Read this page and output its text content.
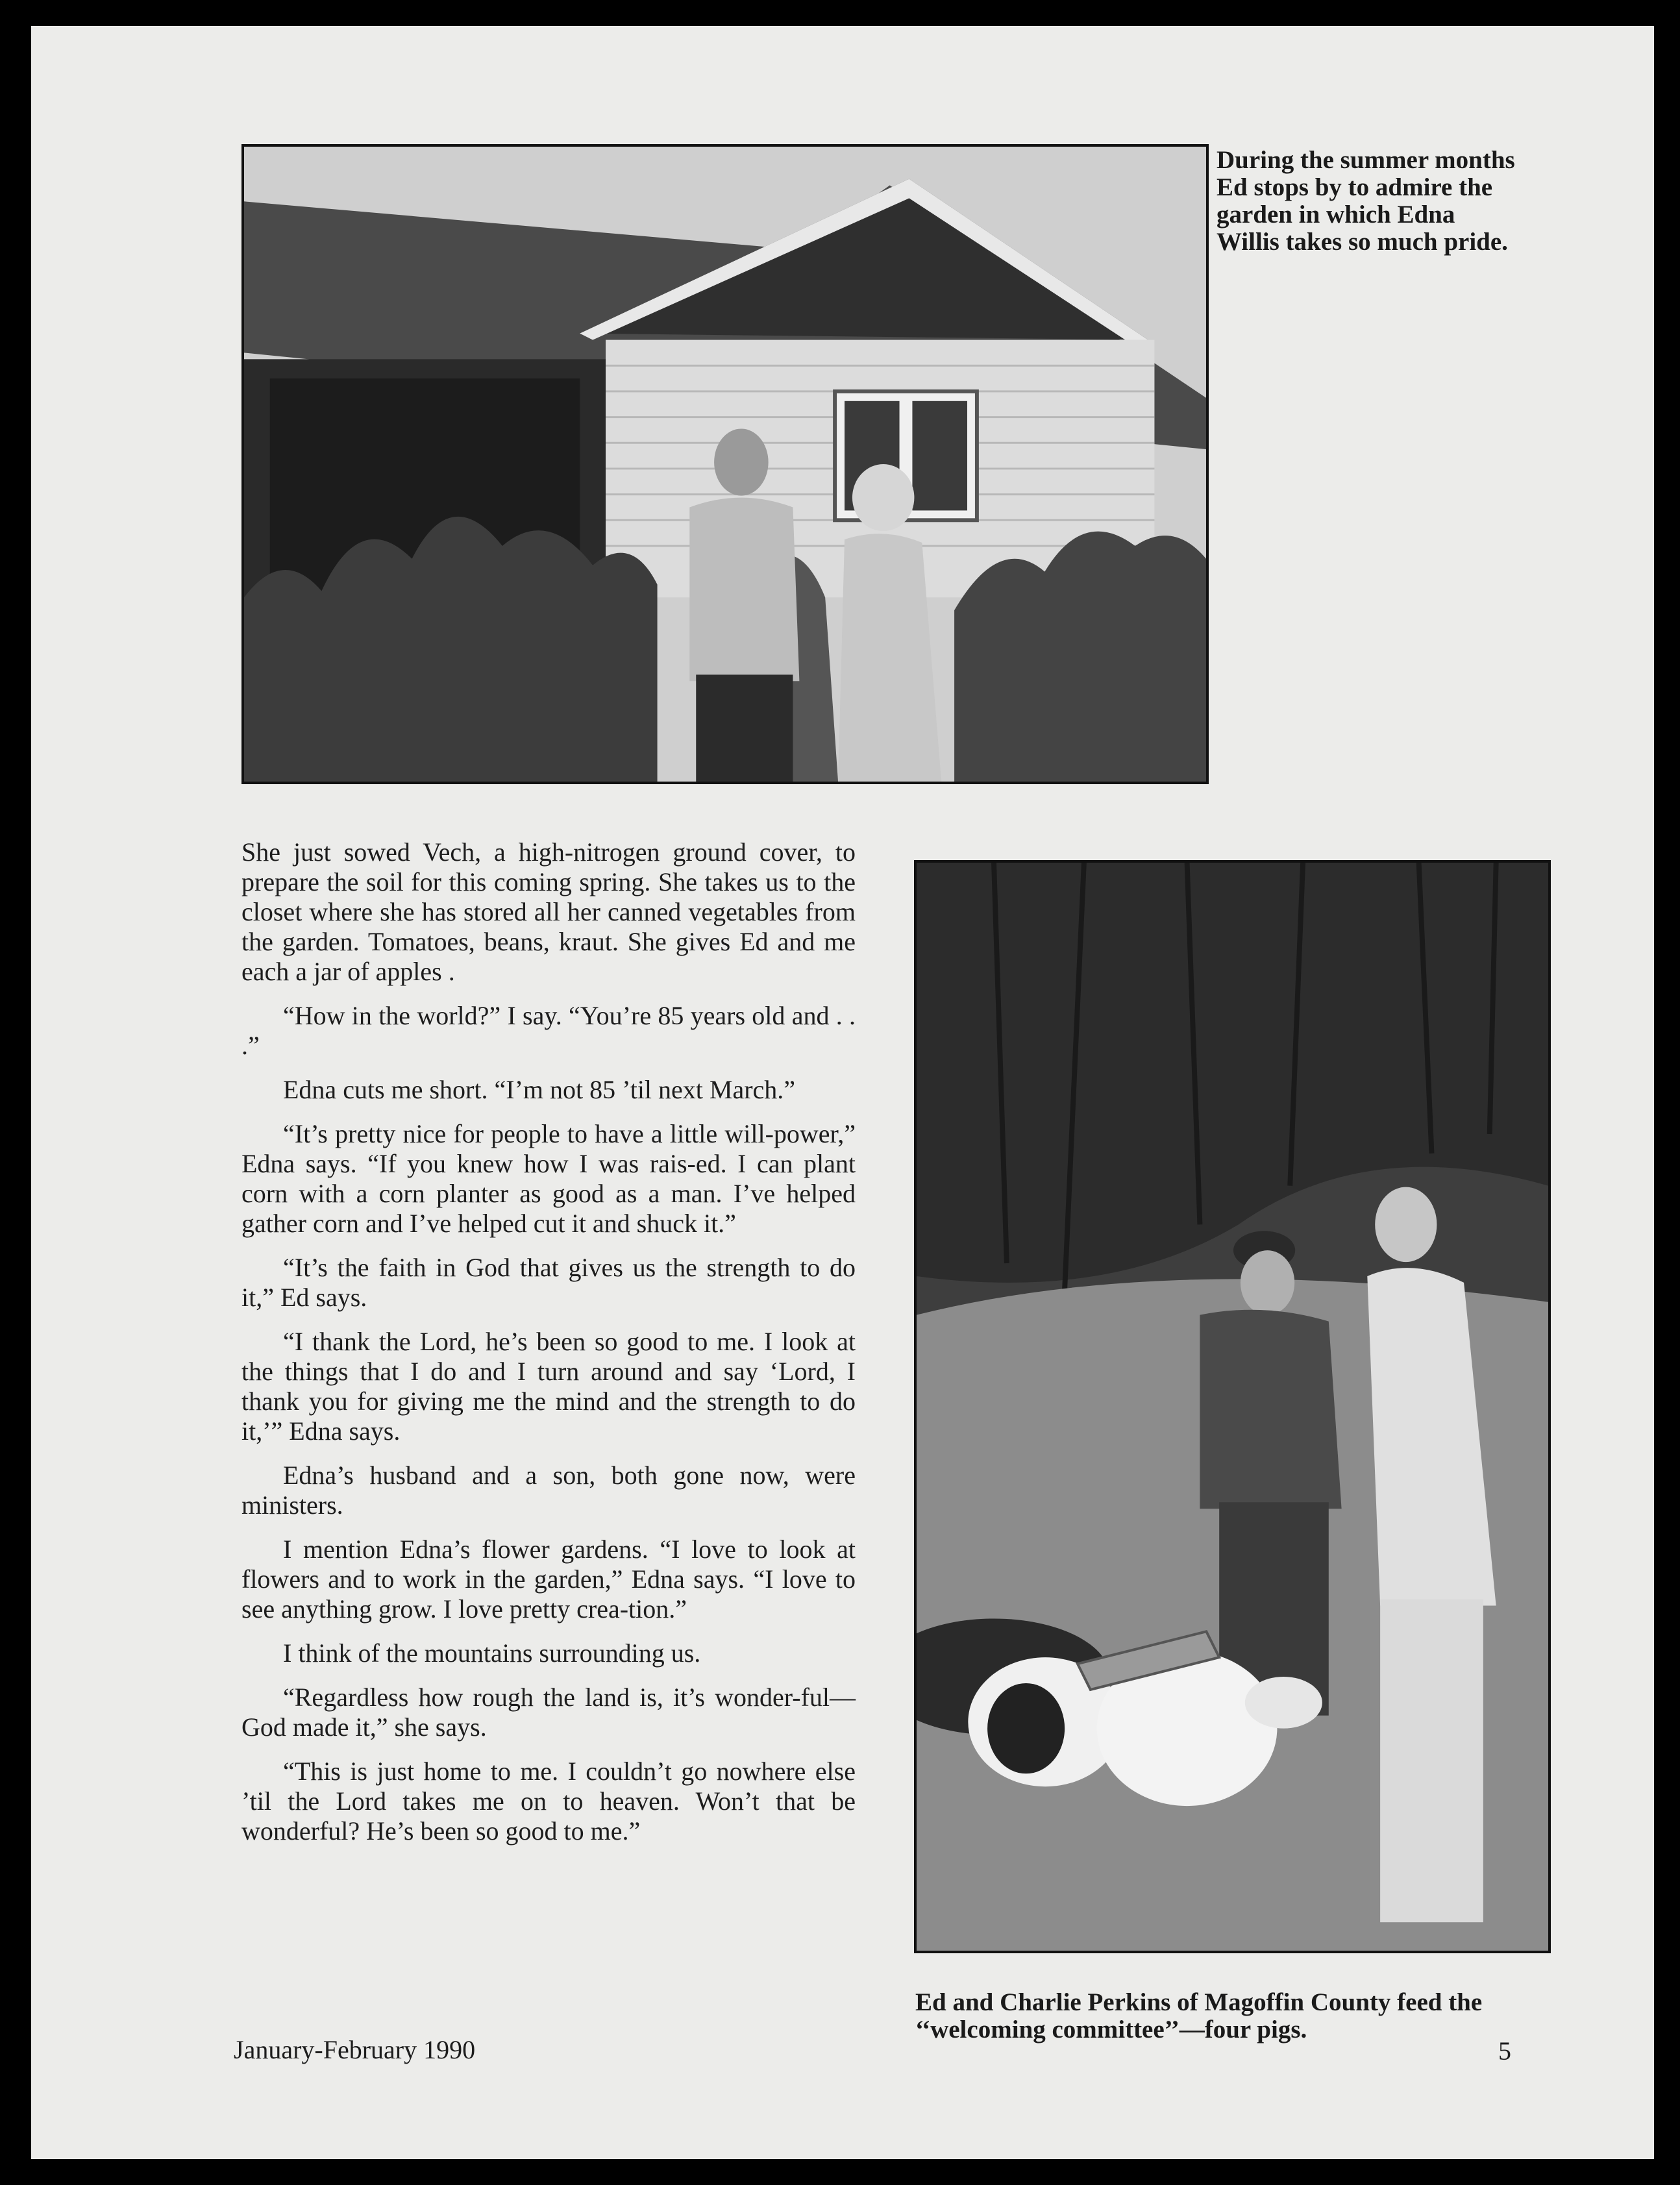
During the summer months Ed stops by to admire the garden in which Edna Willis takes so much pride.

She just sowed Vech, a high-nitrogen ground cover, to prepare the soil for this coming spring. She takes us to the closet where she has stored all her canned vegetables from the garden. Tomatoes, beans, kraut. She gives Ed and me each a jar of apples .

“How in the world?” I say. “You’re 85 years old and . . .”

Edna cuts me short. “I’m not 85 ’til next March.”

“It’s pretty nice for people to have a little will-power,” Edna says. “If you knew how I was rais-ed. I can plant corn with a corn planter as good as a man. I’ve helped gather corn and I’ve helped cut it and shuck it.”

“It’s the faith in God that gives us the strength to do it,” Ed says.

“I thank the Lord, he’s been so good to me. I look at the things that I do and I turn around and say ‘Lord, I thank you for giving me the mind and the strength to do it,’” Edna says.

Edna’s husband and a son, both gone now, were ministers.

I mention Edna’s flower gardens. “I love to look at flowers and to work in the garden,” Edna says. “I love to see anything grow. I love pretty crea-tion.”

I think of the mountains surrounding us.

“Regardless how rough the land is, it’s wonder-ful—God made it,” she says.

“This is just home to me. I couldn’t go nowhere else ’til the Lord takes me on to heaven. Won’t that be wonderful? He’s been so good to me.”

Ed and Charlie Perkins of Magoffin County feed the ‘‘welcoming committee’’—four pigs.
January-February 1990	5
